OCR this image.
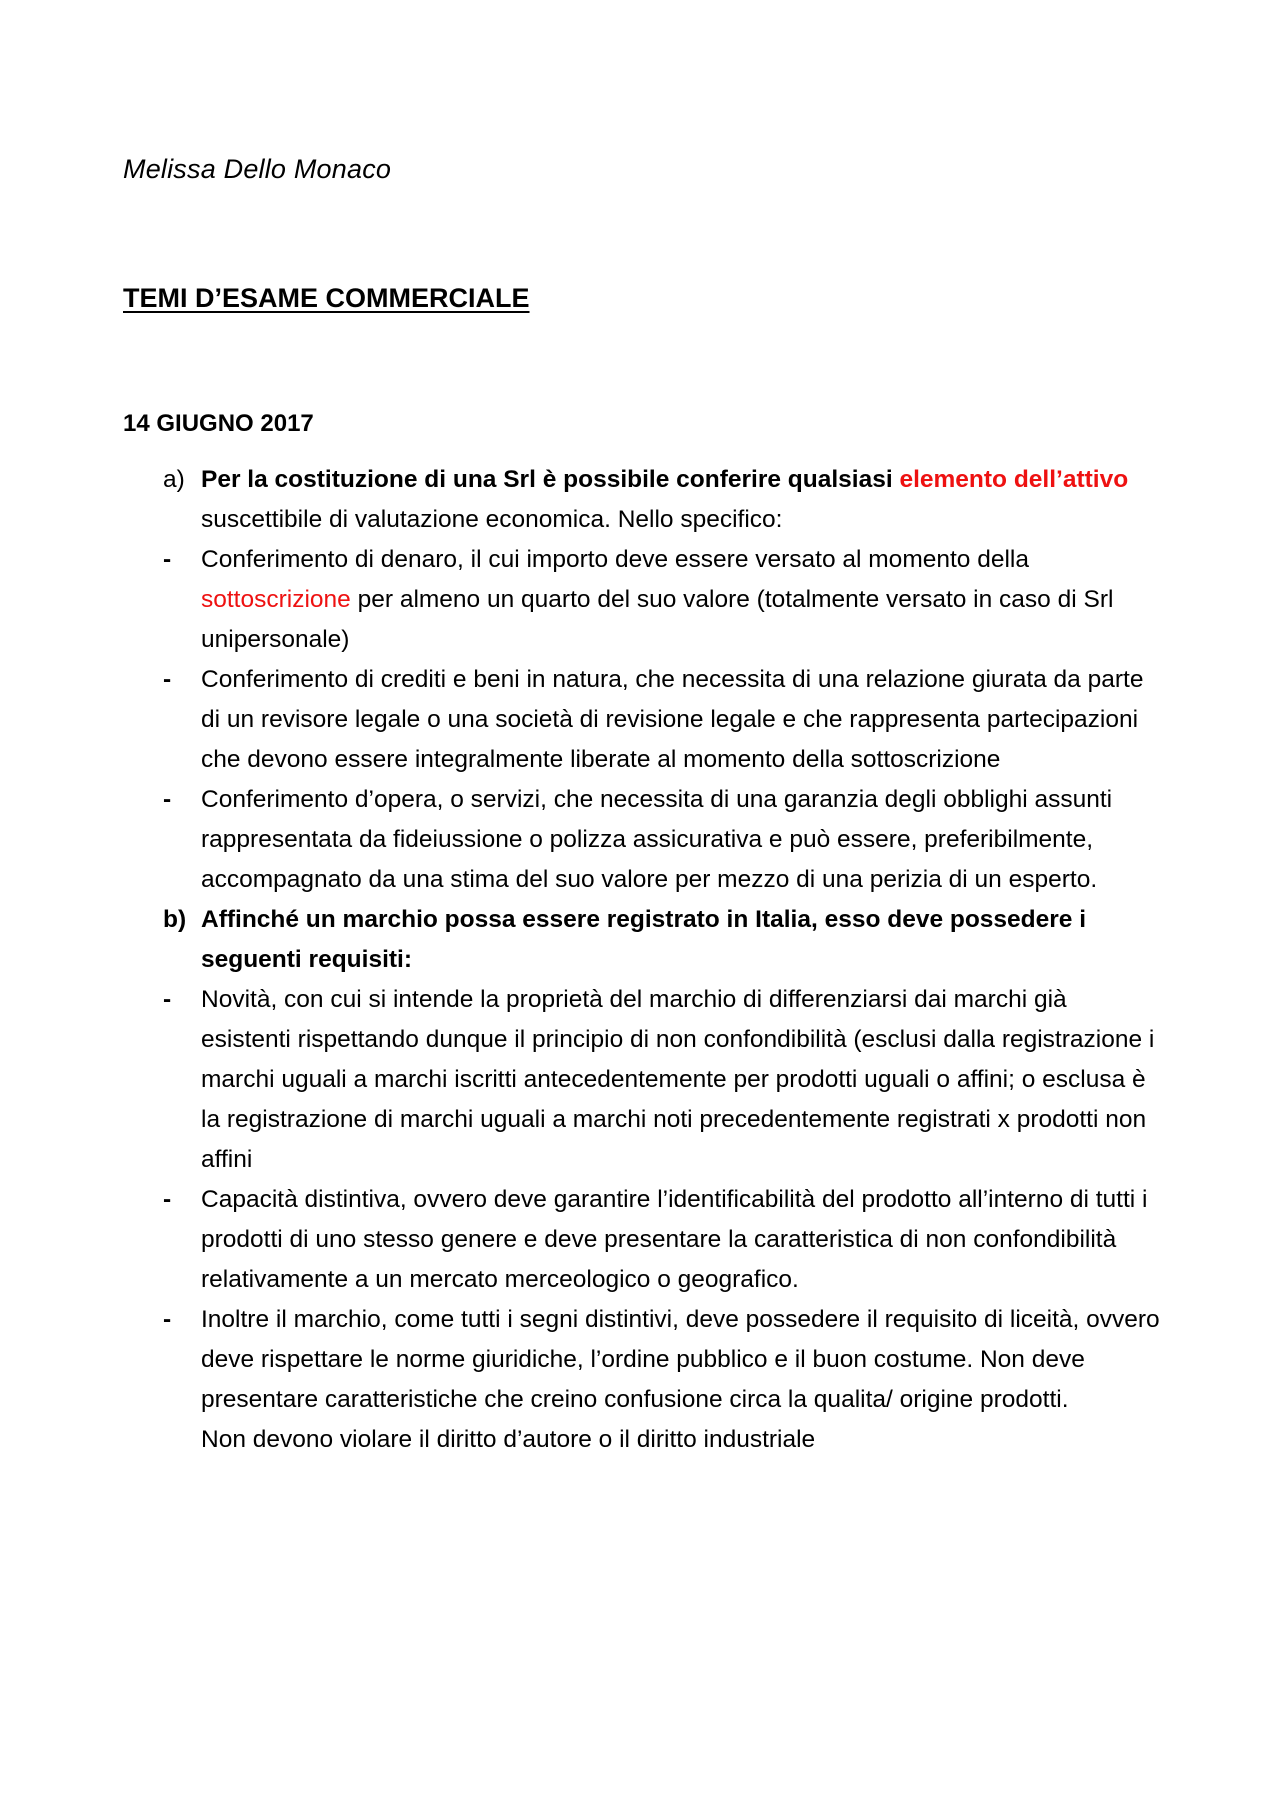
Melissa Dello Monaco
TEMI D’ESAME COMMERCIALE
14 GIUGNO 2017
a) Per la costituzione di una Srl è possibile conferire qualsiasi elemento dell’attivo suscettibile di valutazione economica. Nello specifico:
- Conferimento di denaro, il cui importo deve essere versato al momento della sottoscrizione per almeno un quarto del suo valore (totalmente versato in caso di Srl unipersonale)
- Conferimento di crediti e beni in natura, che necessita di una relazione giurata da parte di un revisore legale o una società di revisione legale e che rappresenta partecipazioni che devono essere integralmente liberate al momento della sottoscrizione
- Conferimento d’opera, o servizi, che necessita di una garanzia degli obblighi assunti rappresentata da fideiussione o polizza assicurativa e può essere, preferibilmente, accompagnato da una stima del suo valore per mezzo di una perizia di un esperto.
b) Affinché un marchio possa essere registrato in Italia, esso deve possedere i seguenti requisiti:
- Novità, con cui si intende la proprietà del marchio di differenziarsi dai marchi già esistenti rispettando dunque il principio di non confondibilità (esclusi dalla registrazione i marchi uguali a marchi iscritti antecedentemente per prodotti uguali o affini; o esclusa è la registrazione di marchi uguali a marchi noti precedentemente registrati x prodotti non affini
- Capacità distintiva, ovvero deve garantire l’identificabilità del prodotto all’interno di tutti i prodotti di uno stesso genere e deve presentare la caratteristica di non confondibilità relativamente a un mercato merceologico o geografico.
- Inoltre il marchio, come tutti i segni distintivi, deve possedere il requisito di liceità, ovvero deve rispettare le norme giuridiche, l’ordine pubblico e il buon costume. Non deve presentare caratteristiche che creino confusione circa la qualita/ origine prodotti.
Non devono violare il diritto d’autore o il diritto industriale
